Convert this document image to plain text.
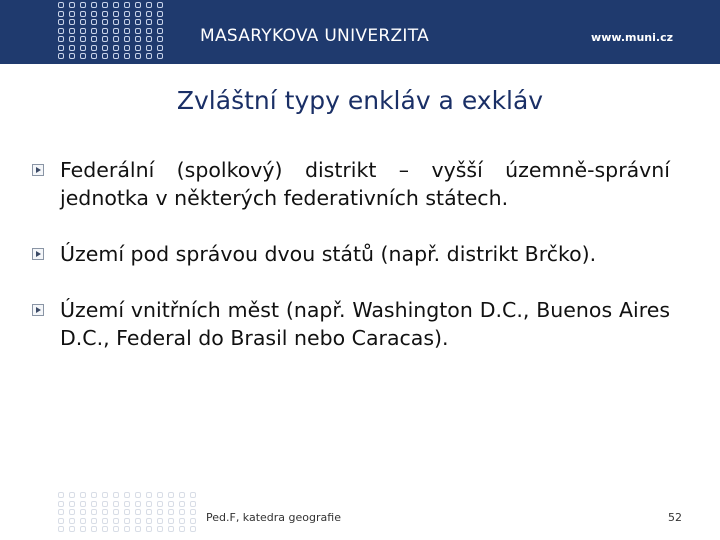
MASARYKOVA UNIVERZITA	www.muni.cz
Zvláštní typy enkláv a exkláv
Federální (spolkový) distrikt – vyšší územně-správní jednotka v některých federativních státech.
Území pod správou dvou států (např. distrikt Brčko).
Území vnitřních měst (např. Washington D.C., Buenos Aires D.C., Federal do Brasil nebo Caracas).
Ped.F, katedra geografie	52
